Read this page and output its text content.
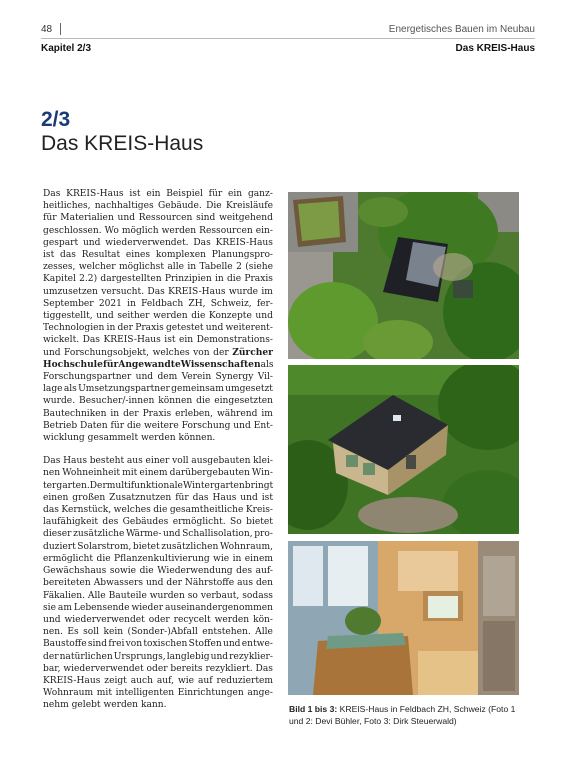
48	Energetisches Bauen im Neubau
Kapitel 2/3	Das KREIS-Haus
2/3
Das KREIS-Haus
Das KREIS-Haus ist ein Beispiel für ein ganz-
heitliches, nachhaltiges Gebäude. Die Kreisläufe
für Materialien und Ressourcen sind weitgehend
geschlossen. Wo möglich werden Ressourcen ein-
gespart und wiederverwendet. Das KREIS-Haus
ist das Resultat eines komplexen Planungspro-
zesses, welcher möglichst alle in Tabelle 2 (siehe
Kapitel 2.2) dargestellten Prinzipien in die Praxis
umzusetzen versucht. Das KREIS-Haus wurde im
September 2021 in Feldbach ZH, Schweiz, fer-
tiggestellt, und seither werden die Konzepte und
Technologien in der Praxis getestet und weiterent-
wickelt. Das KREIS-Haus ist ein Demonstrations-
und Forschungsobjekt, welches von der Zürcher
Hochschule für Angewandte Wissenschaften als
Forschungspartner und dem Verein Synergy Vil-
lage als Umsetzungspartner gemeinsam umgesetzt
wurde. Besucher/-innen können die eingesetzten
Bautechniken in der Praxis erleben, während im
Betrieb Daten für die weitere Forschung und Ent-
wicklung gesammelt werden können.
Das Haus besteht aus einer voll ausgebauten klei-
nen Wohneinheit mit einem darübergebauten Win-
tergarten. Der multifunktionale Wintergarten bringt
einen großen Zusatznutzen für das Haus und ist
das Kernstück, welches die gesamtheitliche Kreis-
laufähigkeit des Gebäudes ermöglicht. So bietet
dieser zusätzliche Wärme- und Schallisolation, pro-
duziert Solarstrom, bietet zusätzlichen Wohnraum,
ermöglicht die Pflanzenkultivierung wie in einem
Gewächshaus sowie die Wiederwendung des auf-
bereiteten Abwassers und der Nährstoffe aus den
Fäkalien. Alle Bauteile wurden so verbaut, sodass
sie am Lebensende wieder auseinandergenommen
und wiederverwendet oder recycelt werden kön-
nen. Es soll kein (Sonder-)Abfall entstehen. Alle
Baustoffe sind frei von toxischen Stoffen und entwe-
der natürlichen Ursprungs, langlebig und rezyklier-
bar, wiederverwendet oder bereits rezykliert. Das
KREIS-Haus zeigt auch auf, wie auf reduziertem
Wohnraum mit intelligenten Einrichtungen ange-
nehm gelebt werden kann.	Bild 1 bis 3: KREIS-Haus in Feldbach ZH, Schweiz (Foto 1 und 2: Devi Bühler, Foto 3: Dirk Steuerwald)
